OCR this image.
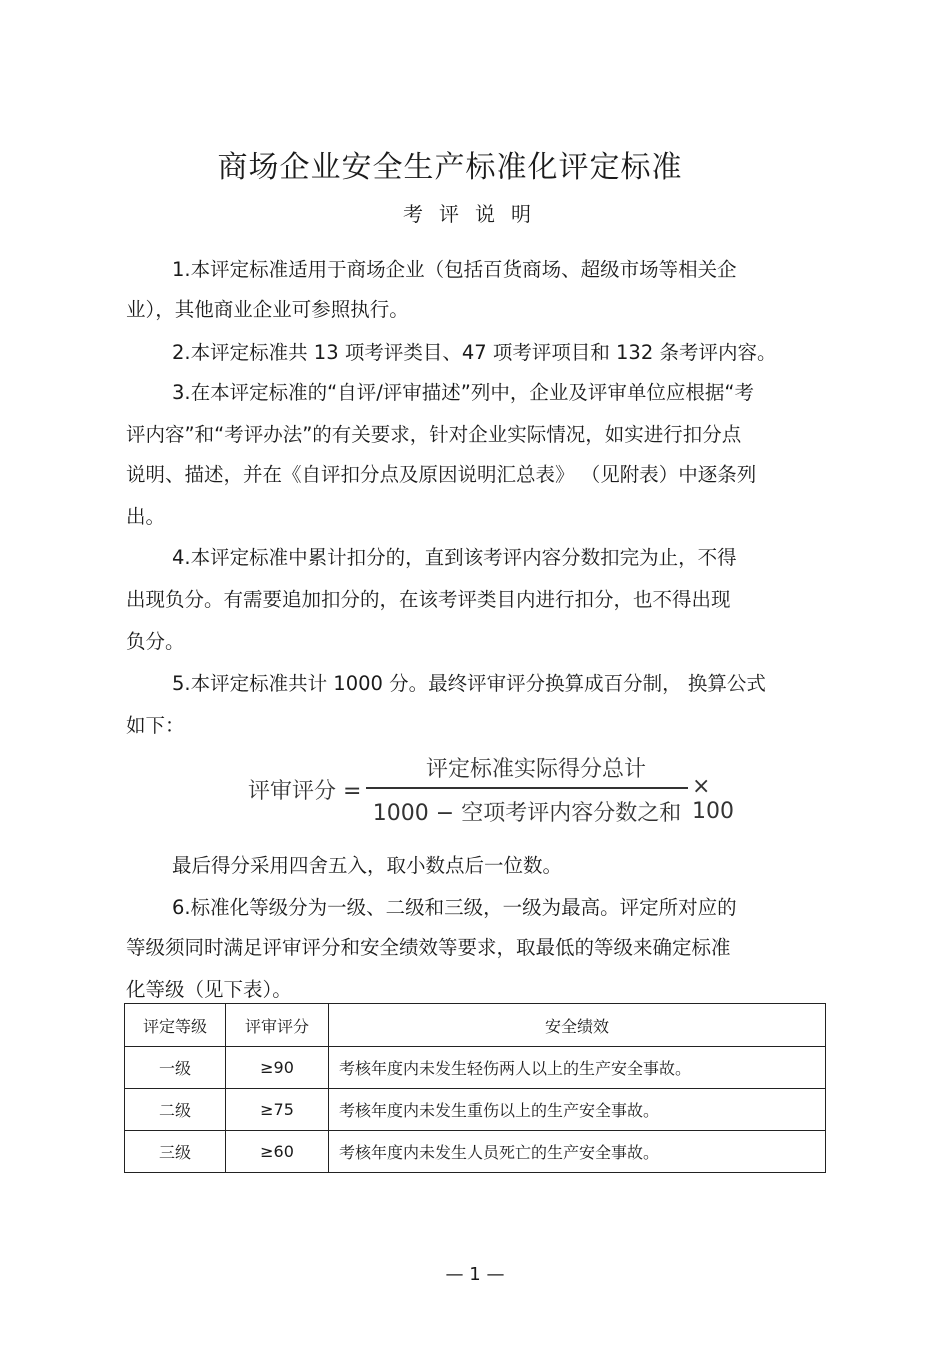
商场企业安全生产标准化评定标准
考评说明
1.本评定标准适用于商场企业（包括百货商场、超级市场等相关企
业），其他商业企业可参照执行。
2.本评定标准共 13 项考评类目、47 项考评项目和 132 条考评内容。
3.在本评定标准的“自评/评审描述”列中，企业及评审单位应根据“考
评内容”和“考评办法”的有关要求，针对企业实际情况，如实进行扣分点
说明、描述，并在《自评扣分点及原因说明汇总表》 （见附表）中逐条列
出。
4.本评定标准中累计扣分的，直到该考评内容分数扣完为止，不得
出现负分。有需要追加扣分的，在该考评类目内进行扣分，也不得出现
负分。
5.本评定标准共计 1000 分。最终评审评分换算成百分制， 换算公式
如下：
评审评分 =
评定标准实际得分总计
1000 − 空项考评内容分数之和
× 100
最后得分采用四舍五入，取小数点后一位数。
6.标准化等级分为一级、二级和三级，一级为最高。评定所对应的
等级须同时满足评审评分和安全绩效等要求，取最低的等级来确定标准
化等级（见下表）。
评定等级	评审评分	安全绩效
一级	≥90	考核年度内未发生轻伤两人以上的生产安全事故。
二级	≥75	考核年度内未发生重伤以上的生产安全事故。
三级	≥60	考核年度内未发生人员死亡的生产安全事故。
— 1 —
